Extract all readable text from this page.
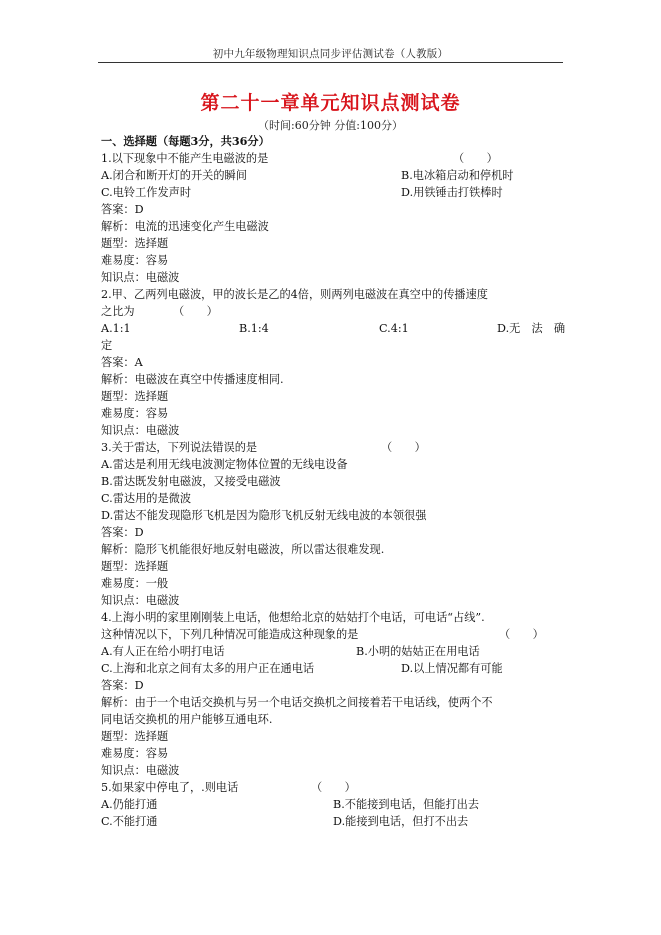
初中九年级物理知识点同步评估测试卷（人教版）
第二十一章单元知识点测试卷
（时间:60分钟 分值:100分）
一、选择题（每题3分，共36分）
1.以下现象中不能产生电磁波的是	（　　）
A.闭合和断开灯的开关的瞬间	B.电冰箱启动和停机时
C.电铃工作发声时	D.用铁锤击打铁棒时
答案：D
解析：电流的迅速变化产生电磁波
题型：选择题
难易度：容易
知识点：电磁波
2.甲、乙两列电磁波，甲的波长是乙的4倍，则两列电磁波在真空中的传播速度
之比为	（　　）
A.1:1	B.1:4	C.4:1	D.无　法　确
定
答案：A
解析：电磁波在真空中传播速度相同.
题型：选择题
难易度：容易
知识点：电磁波
3.关于雷达，下列说法错误的是	（　　）
A.雷达是利用无线电波测定物体位置的无线电设备
B.雷达既发射电磁波，又接受电磁波
C.雷达用的是微波
D.雷达不能发现隐形飞机是因为隐形飞机反射无线电波的本领很强
答案：D
解析：隐形飞机能很好地反射电磁波，所以雷达很难发现.
题型：选择题
难易度：一般
知识点：电磁波
4.上海小明的家里刚刚装上电话，他想给北京的姑姑打个电话，可电话“占线”.
这种情况以下，下列几种情况可能造成这种现象的是	（　　）
A.有人正在给小明打电话	B.小明的姑姑正在用电话
C.上海和北京之间有太多的用户正在通电话	D.以上情况都有可能
答案：D
解析：由于一个电话交换机与另一个电话交换机之间接着若干电话线，使两个不
同电话交换机的用户能够互通电环.
题型：选择题
难易度：容易
知识点：电磁波
5.如果家中停电了，.则电话	（　　）
A.仍能打通	B.不能接到电话，但能打出去
C.不能打通	D.能接到电话，但打不出去
